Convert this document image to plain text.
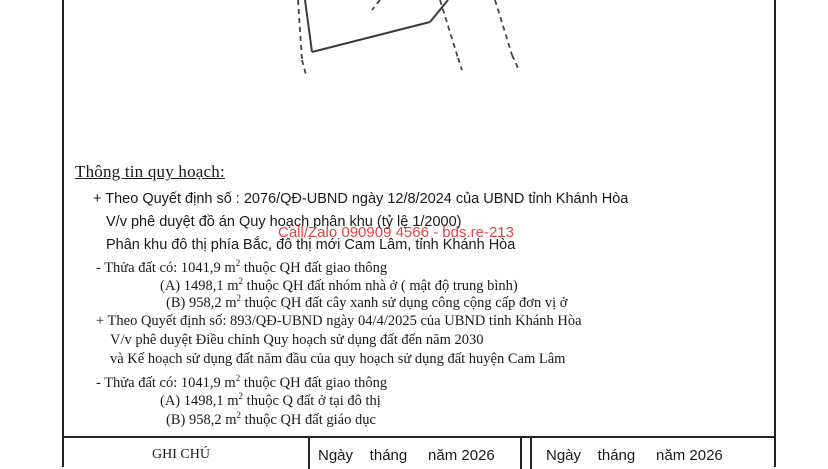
Thông tin quy hoạch:
+ Theo Quyết định số : 2076/QĐ-UBND ngày 12/8/2024 của UBND tỉnh Khánh Hòa
V/v phê duyệt đồ án Quy hoạch phân khu (tỷ lệ 1/2000)
Phân khu đô thị phía Bắc, đô thị mới Cam Lâm, tỉnh Khánh Hòa
Call/Zalo 090909 4566 - bds.re-213
- Thửa đất có: 1041,9 $m^2$ thuộc QH đất giao thông
(A) 1498,1 $m^2$ thuộc QH đất nhóm nhà ở ( mật độ trung bình)
(B) 958,2 $m^2$ thuộc QH đất cây xanh sử dụng công cộng cấp đơn vị ở
+ Theo Quyết định số: 893/QĐ-UBND ngày 04/4/2025 của UBND tỉnh Khánh Hòa
V/v phê duyệt Điều chỉnh Quy hoạch sử dụng đất đến năm 2030
và Kế hoạch sử dụng đất năm đầu của quy hoạch sử dụng đất huyện Cam Lâm
- Thửa đất có: 1041,9 $m^2$ thuộc QH đất giao thông
(A) 1498,1 $m^2$ thuộc Q đất ở tại đô thị
(B) 958,2 $m^2$ thuộc QH đất giáo dục
GHI CHÚ	Ngày    tháng     năm 2026	Ngày    tháng     năm 2026
